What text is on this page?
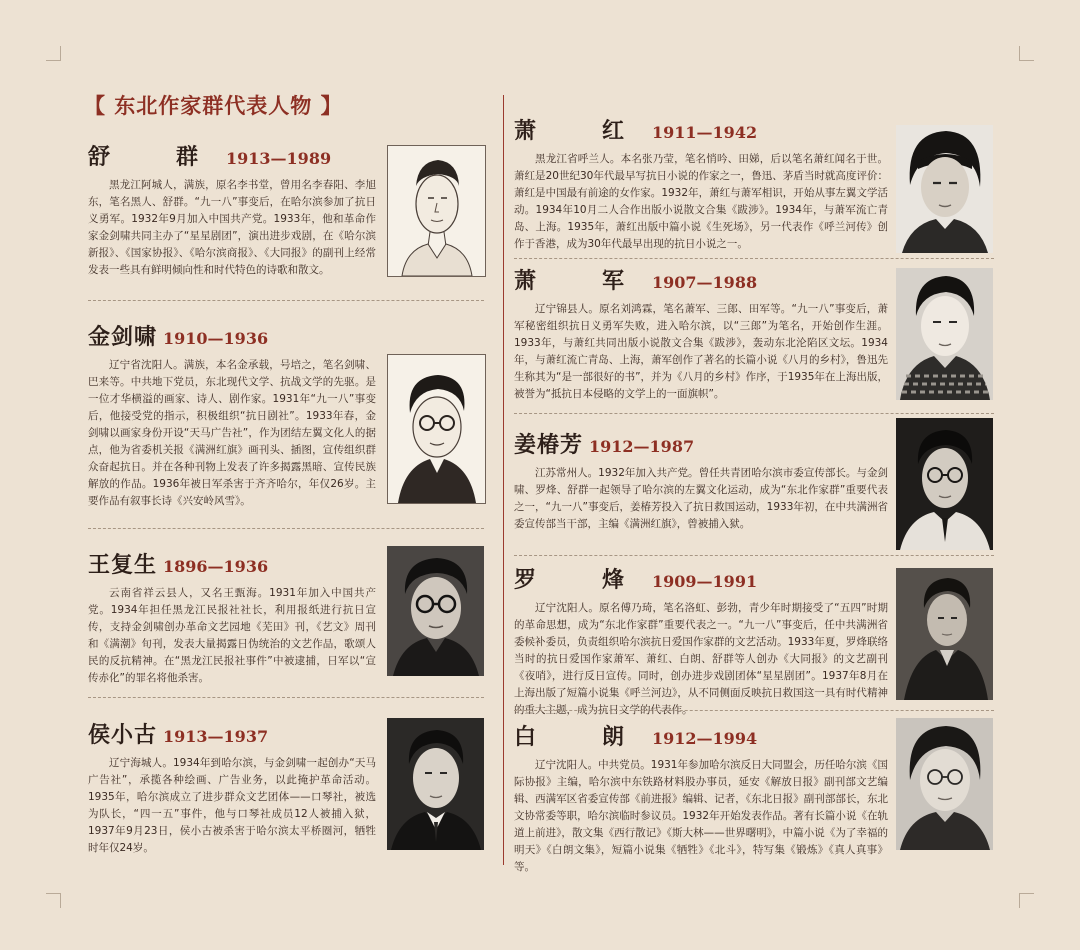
【 东北作家群代表人物 】
舒　群 1913—1989

黑龙江阿城人，满族，原名李书堂，曾用名李春阳、李旭东，笔名黑人、舒群。“九一八”事变后，在哈尔滨参加了抗日义勇军。1932年9月加入中国共产党。1933年，他和革命作家金剑啸共同主办了“星星剧团”，演出进步戏剧，在《哈尔滨新报》、《国家协报》、《哈尔滨商报》、《大同报》的副刊上经常发表一些具有鲜明倾向性和时代特色的诗歌和散文。

金剑啸 1910—1936

辽宁省沈阳人。满族，本名金承载，号培之，笔名剑啸、巴来等。中共地下党员，东北现代文学、抗战文学的先驱。是一位才华横溢的画家、诗人、剧作家。1931年“九一八”事变后，他接受党的指示，积极组织“抗日剧社”。1933年春，金剑啸以画家身份开设“天马广告社”，作为团结左翼文化人的据点，他为省委机关报《满洲红旗》画刊头、插图，宣传组织群众奋起抗日。并在各种刊物上发表了许多揭露黑暗、宣传民族解放的作品。1936年被日军杀害于齐齐哈尔，年仅26岁。主要作品有叙事长诗《兴安岭风雪》。

王复生 1896—1936

云南省祥云县人，又名王甄海。1931年加入中国共产党。1934年担任黑龙江民报社社长，利用报纸进行抗日宣传，支持金剑啸创办革命文艺园地《芜田》刊，《艺文》周刊和《满潮》旬刊，发表大量揭露日伪统治的文艺作品，歌颂人民的反抗精神。在“黑龙江民报社事件”中被逮捕，日军以“宣传赤化”的罪名将他杀害。

侯小古 1913—1937

辽宁海城人。1934年到哈尔滨，与金剑啸一起创办“天马广告社”，承揽各种绘画、广告业务，以此掩护革命活动。1935年，哈尔滨成立了进步群众文艺团体——口琴社，被选为队长，“四一五”事件，他与口琴社成员12人被捕入狱，1937年9月23日，侯小古被杀害于哈尔滨太平桥圈河，牺牲时年仅24岁。

萧　红 1911—1942

黑龙江省呼兰人。本名张乃莹，笔名悄吟、田娣，后以笔名萧红闻名于世。萧红是20世纪30年代最早写抗日小说的作家之一，鲁迅、茅盾当时就高度评价：萧红是中国最有前途的女作家。1932年，萧红与萧军相识，开始从事左翼文学活动。1934年10月二人合作出版小说散文合集《跋涉》。1934年，与萧军流亡青岛、上海。1935年，萧红出版中篇小说《生死场》，另一代表作《呼兰河传》创作于香港，成为30年代最早出现的抗日小说之一。

萧　军 1907—1988

辽宁锦县人。原名刘鸿霖，笔名萧军、三郎、田军等。“九一八”事变后，萧军秘密组织抗日义勇军失败，进入哈尔滨，以“三郎”为笔名，开始创作生涯。1933年，与萧红共同出版小说散文合集《跋涉》，轰动东北沦陷区文坛。1934年，与萧红流亡青岛、上海，萧军创作了著名的长篇小说《八月的乡村》，鲁迅先生称其为“是一部很好的书”，并为《八月的乡村》作序，于1935年在上海出版，被誉为“抵抗日本侵略的文学上的一面旗帜”。

姜椿芳 1912—1987

江苏常州人。1932年加入共产党。曾任共青团哈尔滨市委宣传部长。与金剑啸、罗烽、舒群一起领导了哈尔滨的左翼文化运动，成为“东北作家群”重要代表之一，“九一八”事变后，姜椿芳投入了抗日救国运动，1933年初，在中共满洲省委宣传部当干部，主编《满洲红旗》，曾被捕入狱。

罗　烽 1909—1991

辽宁沈阳人。原名傅乃琦，笔名洛虹、彭勃，青少年时期接受了“五四”时期的革命思想，成为“东北作家群”重要代表之一。“九一八”事变后，任中共满洲省委候补委员，负责组织哈尔滨抗日爱国作家群的文艺活动。1933年夏，罗烽联络当时的抗日爱国作家萧军、萧红、白朗、舒群等人创办《大同报》的文艺副刊《夜哨》，进行反日宣传。同时，创办进步戏剧团体“星星剧团”。1937年8月在上海出版了短篇小说集《呼兰河边》，从不同侧面反映抗日救国这一具有时代精神的重大主题，成为抗日文学的代表作。

白　朗 1912—1994

辽宁沈阳人。中共党员。1931年参加哈尔滨反日大同盟会，历任哈尔滨《国际协报》主编，哈尔滨中东铁路材料股办事员，延安《解放日报》副刊部文艺编辑、西满军区省委宣传部《前进报》编辑、记者，《东北日报》副刊部部长，东北文协常委等职，哈尔滨临时参议员。1932年开始发表作品。著有长篇小说《在轨道上前进》，散文集《西行散记》《斯大林——世界曙明》，中篇小说《为了幸福的明天》《白朗文集》，短篇小说集《牺牲》《北斗》，特写集《锻炼》《真人真事》等。
